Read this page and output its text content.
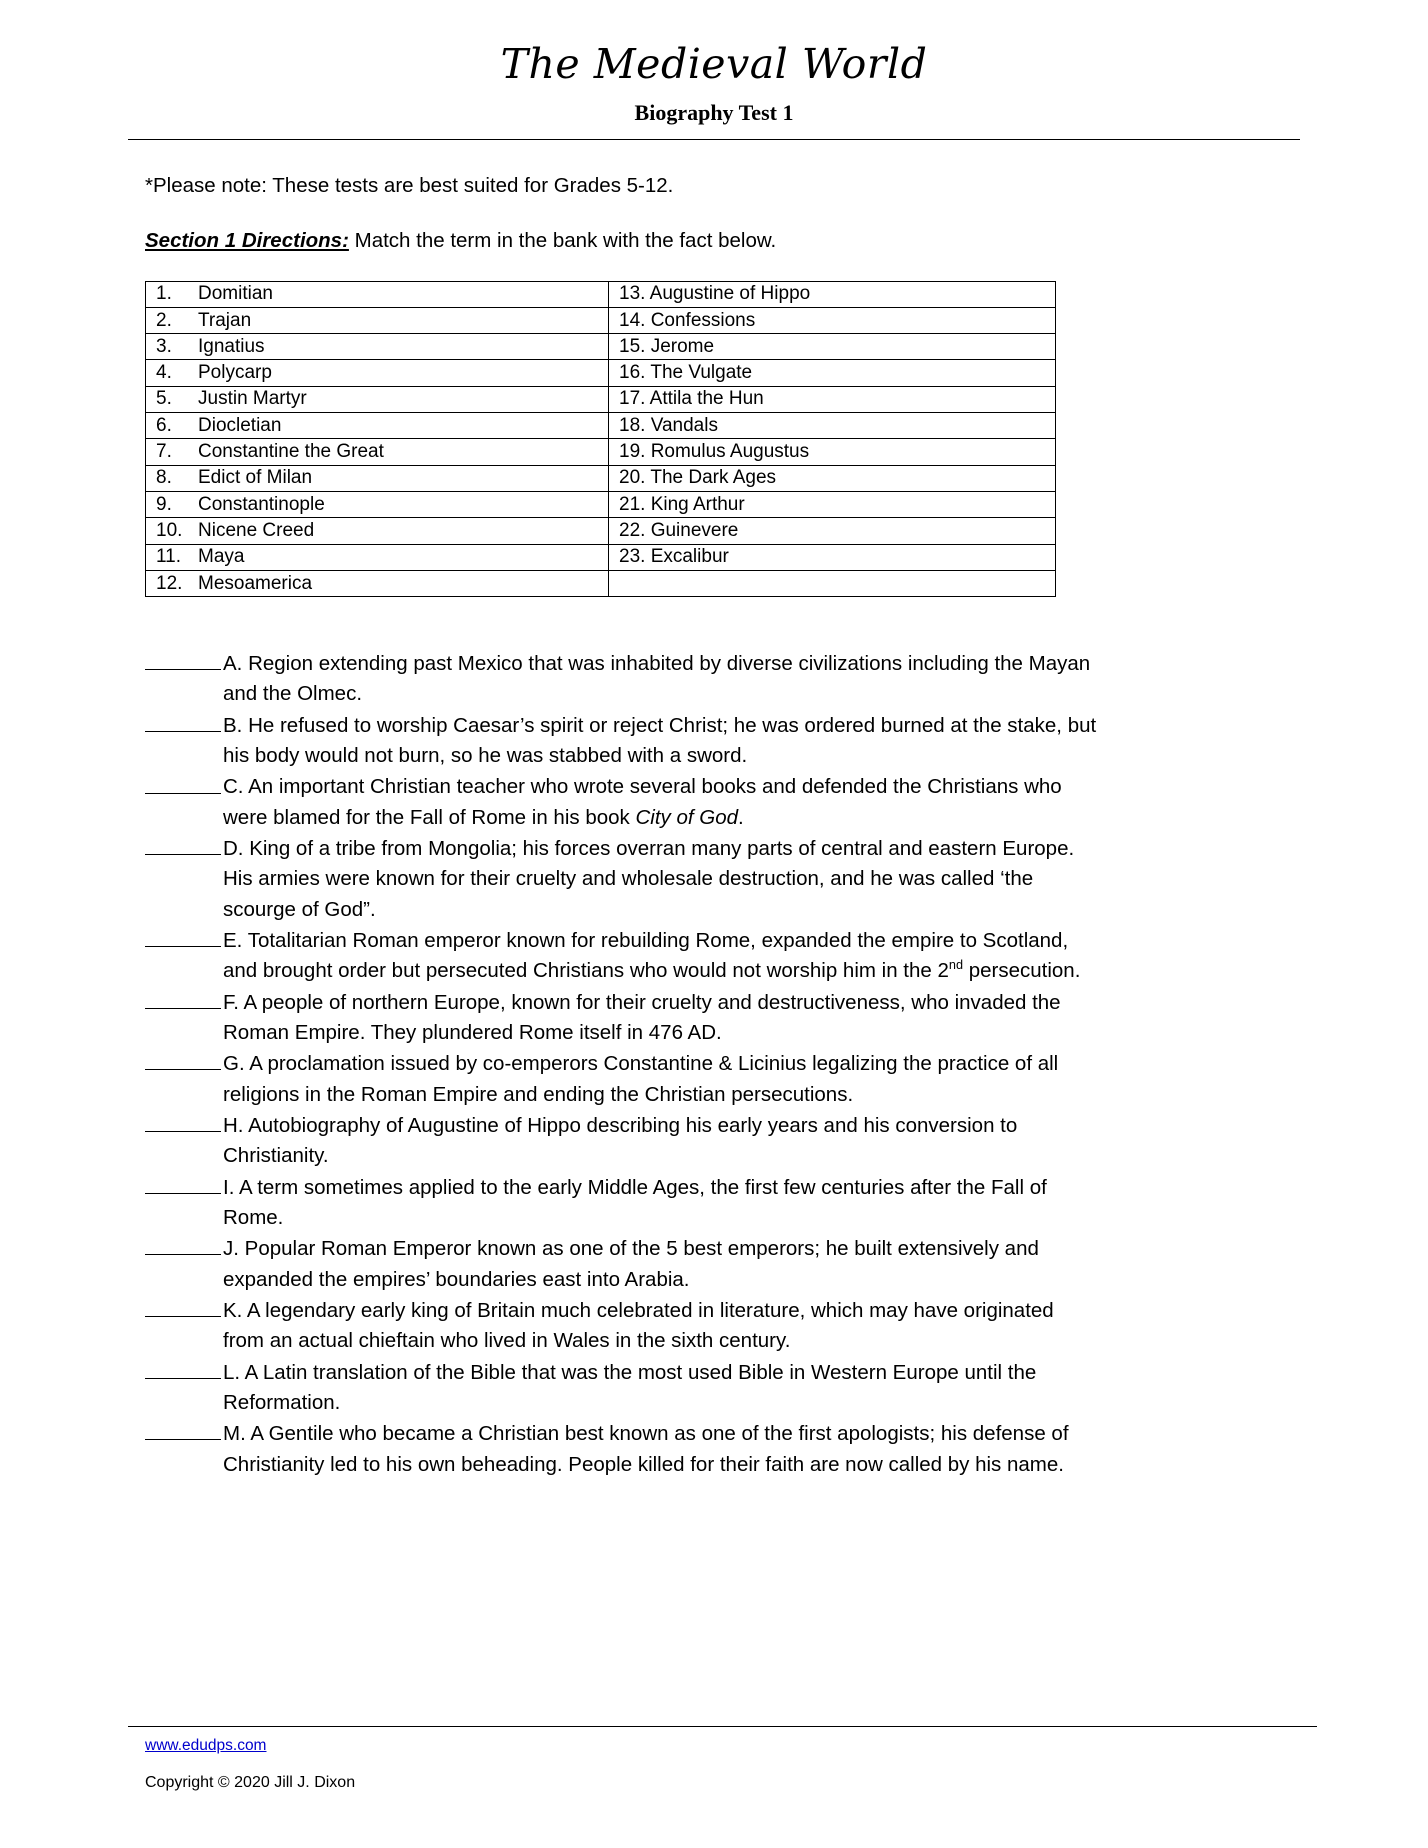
The Medieval World
Biography Test 1
*Please note: These tests are best suited for Grades 5-12.
Section 1 Directions: Match the term in the bank with the fact below.
1. Domitian	13. Augustine of Hippo
2. Trajan	14. Confessions
3. Ignatius	15. Jerome
4. Polycarp	16. The Vulgate
5. Justin Martyr	17. Attila the Hun
6. Diocletian	18. Vandals
7. Constantine the Great	19. Romulus Augustus
8. Edict of Milan	20. The Dark Ages
9. Constantinople	21. King Arthur
10. Nicene Creed	22. Guinevere
11. Maya	23. Excalibur
12. Mesoamerica	
A. Region extending past Mexico that was inhabited by diverse civilizations including the Mayan
and the Olmec.
B. He refused to worship Caesar’s spirit or reject Christ; he was ordered burned at the stake, but
his body would not burn, so he was stabbed with a sword.
C. An important Christian teacher who wrote several books and defended the Christians who
were blamed for the Fall of Rome in his book City of God.
D. King of a tribe from Mongolia; his forces overran many parts of central and eastern Europe.
His armies were known for their cruelty and wholesale destruction, and he was called ‘the
scourge of God”.
E. Totalitarian Roman emperor known for rebuilding Rome, expanded the empire to Scotland,
and brought order but persecuted Christians who would not worship him in the 2nd persecution.
F. A people of northern Europe, known for their cruelty and destructiveness, who invaded the
Roman Empire. They plundered Rome itself in 476 AD.
G. A proclamation issued by co-emperors Constantine & Licinius legalizing the practice of all
religions in the Roman Empire and ending the Christian persecutions.
H. Autobiography of Augustine of Hippo describing his early years and his conversion to
Christianity.
I. A term sometimes applied to the early Middle Ages, the first few centuries after the Fall of
Rome.
J. Popular Roman Emperor known as one of the 5 best emperors; he built extensively and
expanded the empires’ boundaries east into Arabia.
K. A legendary early king of Britain much celebrated in literature, which may have originated
from an actual chieftain who lived in Wales in the sixth century.
L. A Latin translation of the Bible that was the most used Bible in Western Europe until the
Reformation.
M. A Gentile who became a Christian best known as one of the first apologists; his defense of
Christianity led to his own beheading. People killed for their faith are now called by his name.
www.edudps.com
Copyright © 2020 Jill J. Dixon
